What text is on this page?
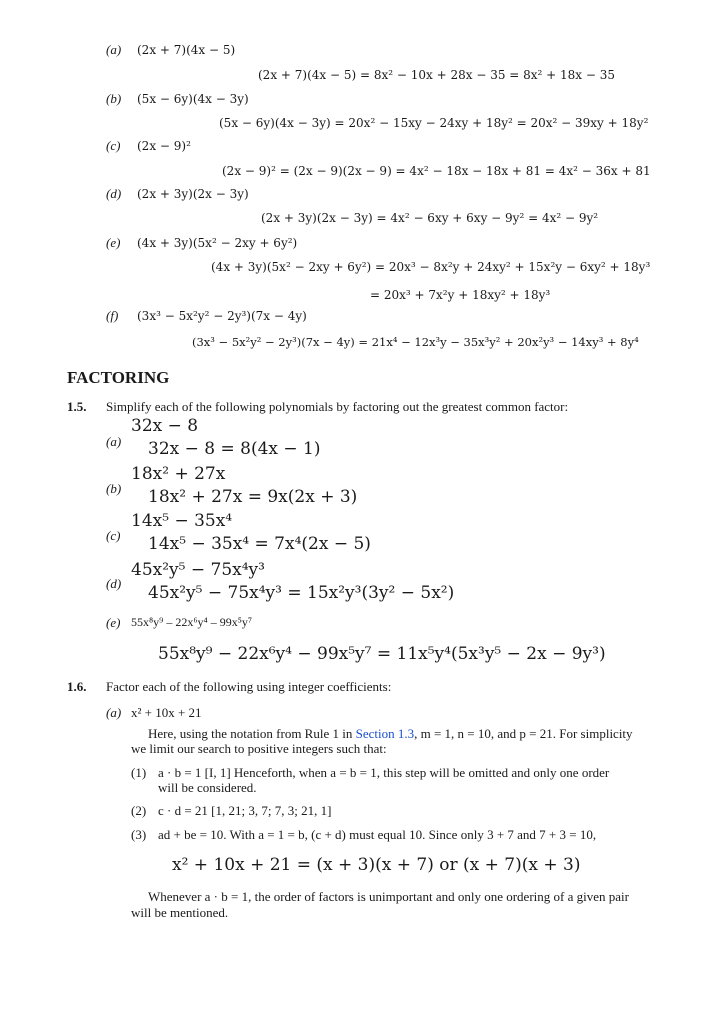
(a) (2x + 7)(4x − 5)
(2x + 7)(4x − 5) = 8x² − 10x + 28x − 35 = 8x² + 18x − 35
(b) (5x − 6y)(4x − 3y)
(5x − 6y)(4x − 3y) = 20x² − 15xy − 24xy + 18y² = 20x² − 39xy + 18y²
(c) (2x − 9)²
(2x − 9)² = (2x − 9)(2x − 9) = 4x² − 18x − 18x + 81 = 4x² − 36x + 81
(d) (2x + 3y)(2x − 3y)
(2x + 3y)(2x − 3y) = 4x² − 6xy + 6xy − 9y² = 4x² − 9y²
(e) (4x + 3y)(5x² − 2xy + 6y²)
(4x + 3y)(5x² − 2xy + 6y²) = 20x³ − 8x²y + 24xy² + 15x²y − 6xy² + 18y³
= 20x³ + 7x²y + 18xy² + 18y³
(f) (3x³ − 5x²y² − 2y³)(7x − 4y)
(3x³ − 5x²y² − 2y³)(7x − 4y) = 21x⁴ − 12x³y − 35x³y² + 20x²y³ − 14xy³ + 8y⁴
FACTORING
1.5. Simplify each of the following polynomials by factoring out the greatest common factor:
(a)
32x − 8
32x − 8 = 8(4x − 1)
(b)
18x² + 27x
18x² + 27x = 9x(2x + 3)
(c)
14x⁵ − 35x⁴
14x⁵ − 35x⁴ = 7x⁴(2x − 5)
(d)
45x²y⁵ − 75x⁴y³
45x²y⁵ − 75x⁴y³ = 15x²y³(3y² − 5x²)
(e) 55x⁸y⁹ – 22x⁶y⁴ – 99x⁵y⁷
55x⁸y⁹ − 22x⁶y⁴ − 99x⁵y⁷ = 11x⁵y⁴(5x³y⁵ − 2x − 9y³)
1.6. Factor each of the following using integer coefficients:
(a) x² + 10x + 21
Here, using the notation from Rule 1 in Section 1.3, m = 1, n = 10, and p = 21. For simplicity
we limit our search to positive integers such that:
(1) a · b = 1 [I, 1] Henceforth, when a = b = 1, this step will be omitted and only one order
will be considered.
(2) c · d = 21 [1, 21; 3, 7; 7, 3; 21, 1]
(3) ad + be = 10. With a = 1 = b, (c + d) must equal 10. Since only 3 + 7 and 7 + 3 = 10,
x² + 10x + 21 = (x + 3)(x + 7) or (x + 7)(x + 3)
Whenever a · b = 1, the order of factors is unimportant and only one ordering of a given pair
will be mentioned.
